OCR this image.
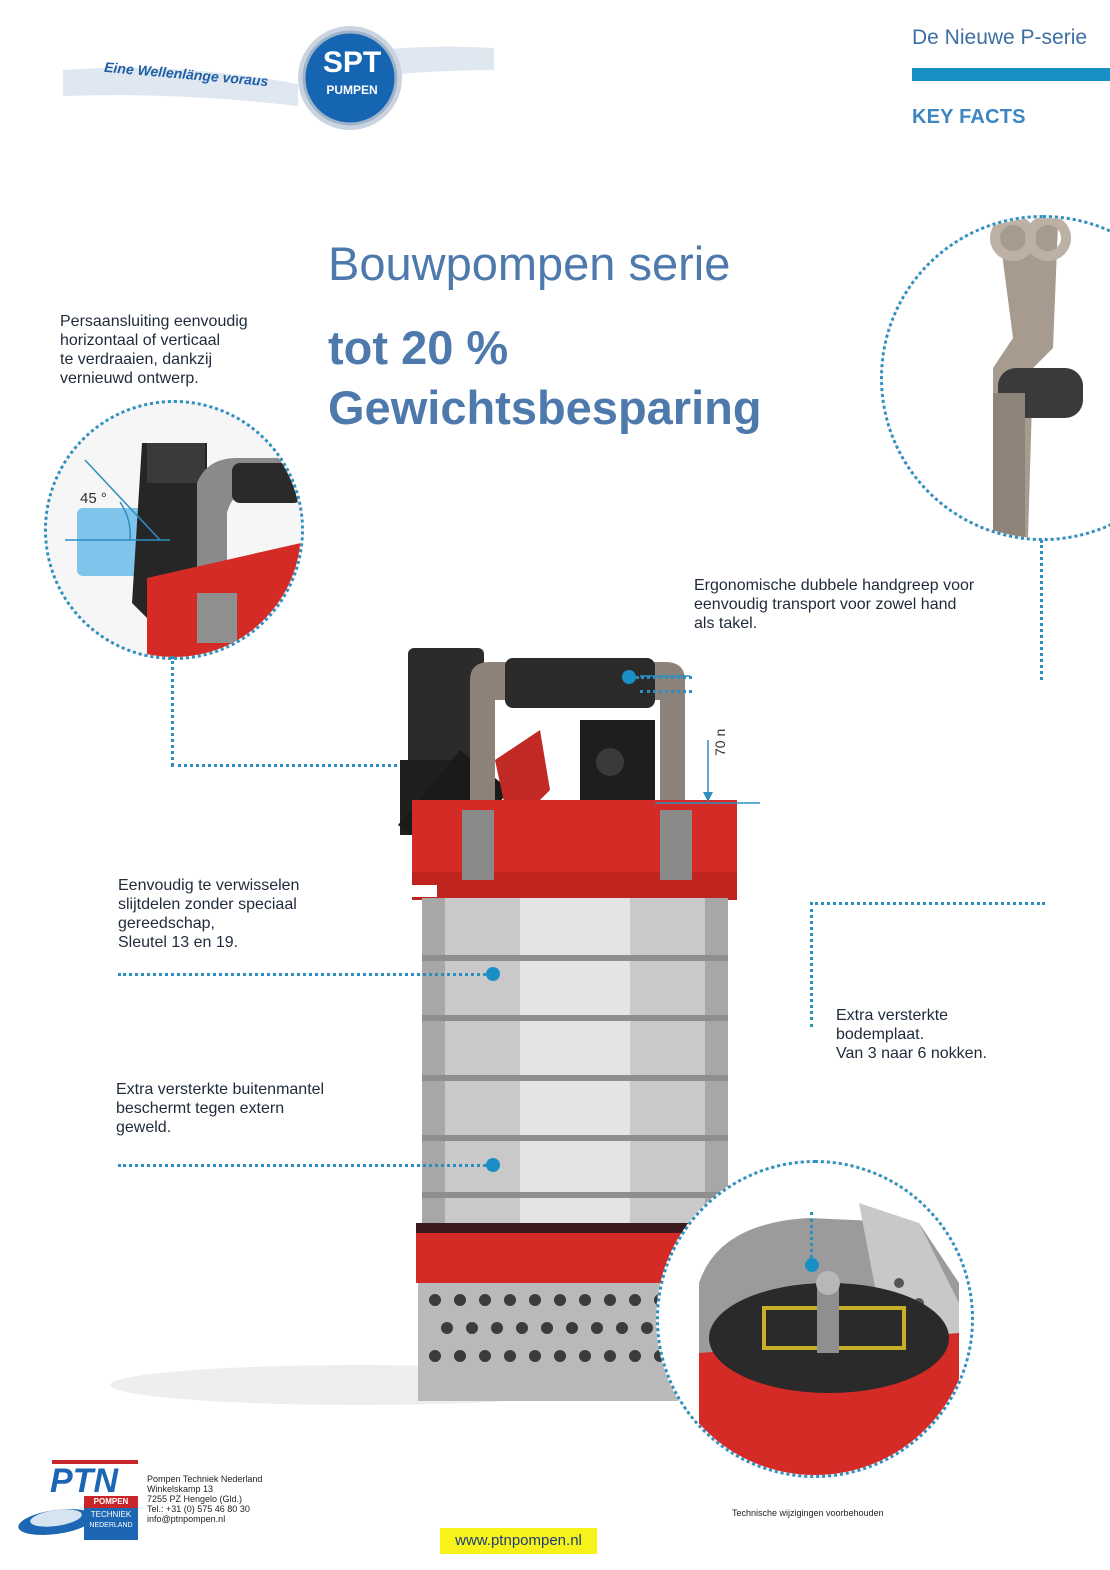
Eine Wellenlänge voraus SPT
PUMPEN
De Nieuwe P-serie
KEY FACTS
Bouwpompen serie
tot 20 %
Gewichtsbesparing
Persaansluiting eenvoudig
horizontaal of verticaal
te verdraaien, dankzij
vernieuwd ontwerp.
45 °
Ergonomische dubbele handgreep voor
eenvoudig transport voor zowel hand
als takel.
70 n
Eenvoudig te verwisselen
slijtdelen zonder speciaal
gereedschap,
Sleutel 13 en 19.
Extra versterkte buitenmantel
beschermt tegen extern
geweld.
Extra versterkte
bodemplaat.
Van 3 naar 6 nokken.
PTN
POMPEN
TECHNIEK
NEDERLAND
Pompen Techniek Nederland
Winkelskamp 13
7255 PZ Hengelo (Gld.)
Tel.: +31 (0) 575 46 80 30
info@ptnpompen.nl
Technische wijzigingen voorbehouden
www.ptnpompen.nl
